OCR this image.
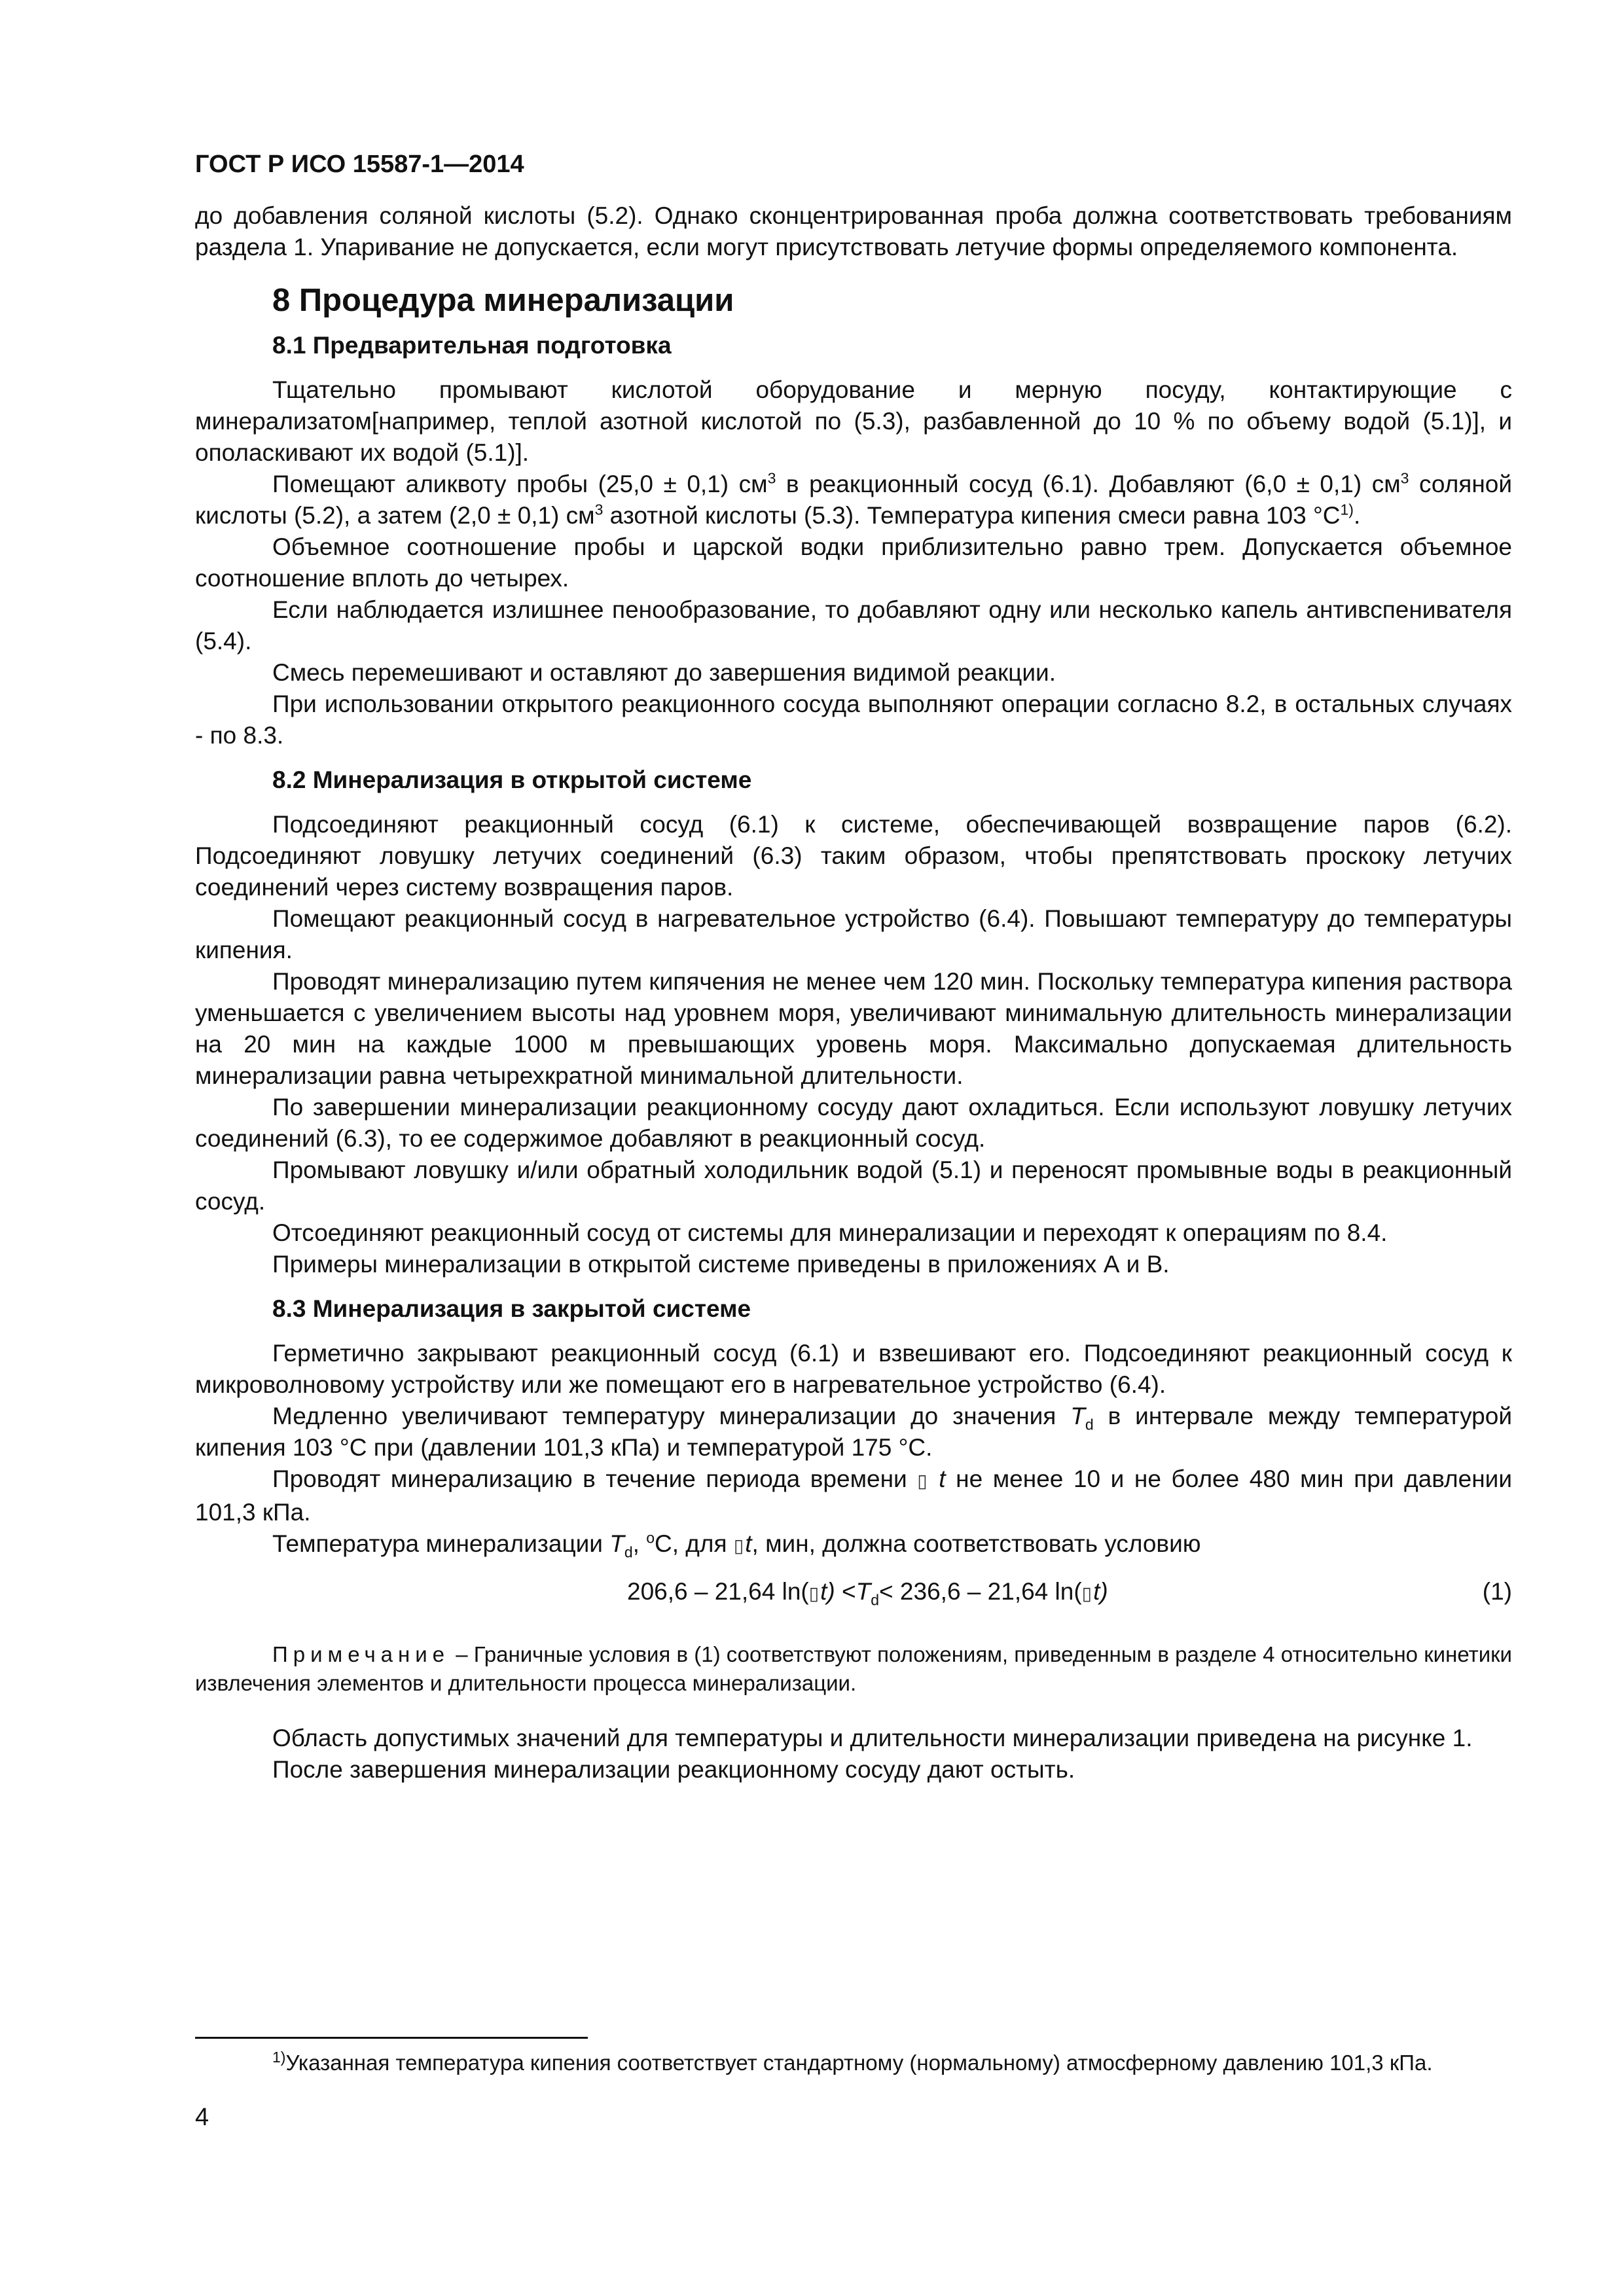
ГОСТ Р ИСО 15587-1—2014

до добавления соляной кислоты (5.2). Однако сконцентрированная проба должна соответствовать требованиям раздела 1. Упаривание не допускается, если могут присутствовать летучие формы определяемого компонента.

8 Процедура минерализации
8.1 Предварительная подготовка

Тщательно промывают кислотой оборудование и мерную посуду, контактирующие с минерализатом[например, теплой азотной кислотой по (5.3), разбавленной до 10 % по объему водой (5.1)], и ополаскивают их водой (5.1)].

Помещают аликвоту пробы (25,0 ± 0,1) $см^3$ в реакционный сосуд (6.1). Добавляют (6,0 ± 0,1) $см^3$ соляной кислоты (5.2), а затем (2,0 ± 0,1) $см^3$ азотной кислоты (5.3). Температура кипения смеси равна 103 $^\circ С^{1)}$.

Объемное соотношение пробы и царской водки приблизительно равно трем. Допускается объемное соотношение вплоть до четырех.

Если наблюдается излишнее пенообразование, то добавляют одну или несколько капель антивспенивателя (5.4).

Смесь перемешивают и оставляют до завершения видимой реакции.

При использовании открытого реакционного сосуда выполняют операции согласно 8.2, в остальных случаях - по 8.3.

8.2 Минерализация в открытой системе

Подсоединяют реакционный сосуд (6.1) к системе, обеспечивающей возвращение паров (6.2). Подсоединяют ловушку летучих соединений (6.3) таким образом, чтобы препятствовать проскоку летучих соединений через систему возвращения паров.

Помещают реакционный сосуд в нагревательное устройство (6.4). Повышают температуру до температуры кипения.

Проводят минерализацию путем кипячения не менее чем 120 мин. Поскольку температура кипения раствора уменьшается с увеличением высоты над уровнем моря, увеличивают минимальную длительность минерализации на 20 мин на каждые 1000 м превышающих уровень моря. Максимально допускаемая длительность минерализации равна четырехкратной минимальной длительности.

По завершении минерализации реакционному сосуду дают охладиться. Если используют ловушку летучих соединений (6.3), то ее содержимое добавляют в реакционный сосуд.

Промывают ловушку и/или обратный холодильник водой (5.1) и переносят промывные воды в реакционный сосуд.

Отсоединяют реакционный сосуд от системы для минерализации и переходят к операциям по 8.4.

Примеры минерализации в открытой системе приведены в приложениях А и В.

8.3 Минерализация в закрытой системе

Герметично закрывают реакционный сосуд (6.1) и взвешивают его. Подсоединяют реакционный сосуд к микроволновому устройству или же помещают его в нагревательное устройство (6.4).

Медленно увеличивают температуру минерализации до значения $T_d$ в интервале между температурой кипения 103 °С при (давлении 101,3 кПа) и температурой 175 °С.

Проводят минерализацию в течение периода времени ▯ t не менее 10 и не более 480 мин при давлении 101,3 кПа.

Температура минерализации $T_d$, $^о$С, для ▯t, мин, должна соответствовать условию

206,6 – 21,64 ln(▯t) $<T_d< 236,6 - 21,64$ ln(▯t)	(1)
Примечание – Граничные условия в (1) соответствуют положениям, приведенным в разделе 4 относительно кинетики извлечения элементов и длительности процесса минерализации.

Область допустимых значений для температуры и длительности минерализации приведена на рисунке 1.

После завершения минерализации реакционному сосуду дают остыть.

$^{1)}$Указанная температура кипения соответствует стандартному (нормальному) атмосферному давлению 101,3 кПа.
4
